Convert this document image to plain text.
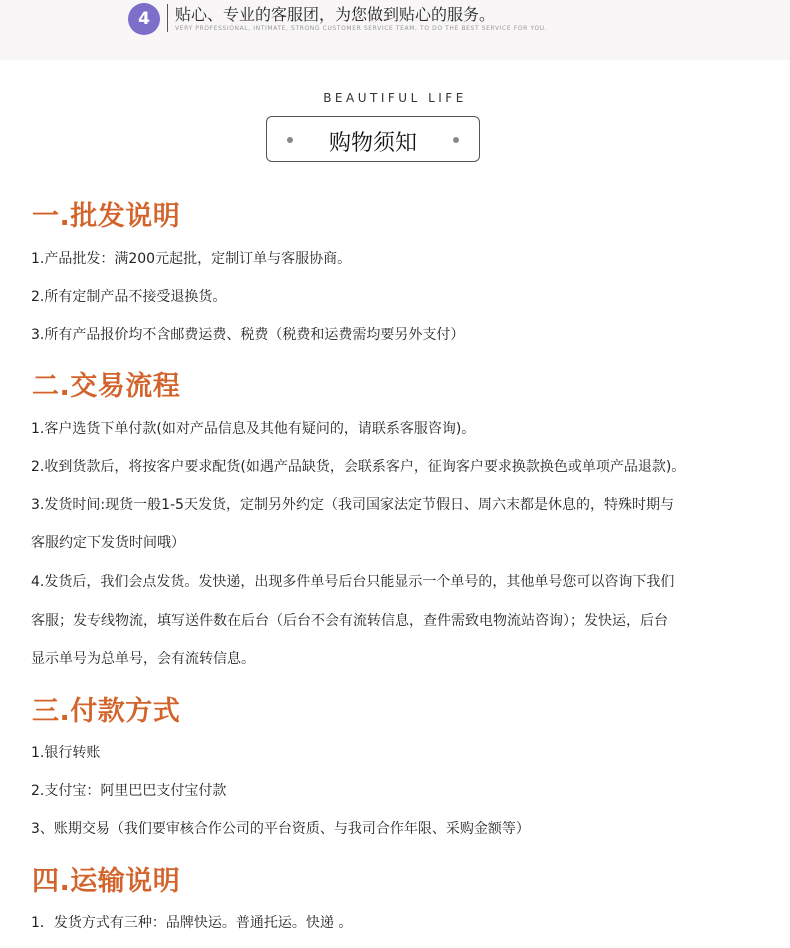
4	贴心、专业的客服团，为您做到贴心的服务。
VERY PROFESSIONAL, INTIMATE, STRONG CUSTOMER SERVICE TEAM, TO DO THE BEST SERVICE FOR YOU.
BEAUTIFUL LIFE
购物须知
一.批发说明
1.产品批发：满200元起批，定制订单与客服协商。
2.所有定制产品不接受退换货。
3.所有产品报价均不含邮费运费、税费（税费和运费需均要另外支付）
二.交易流程
1.客户选货下单付款(如对产品信息及其他有疑问的，请联系客服咨询)。
2.收到货款后，将按客户要求配货(如遇产品缺货，会联系客户，征询客户要求换款换色或单项产品退款)。
3.发货时间:现货一般1-5天发货，定制另外约定（我司国家法定节假日、周六末都是休息的，特殊时期与
客服约定下发货时间哦）
4.发货后，我们会点发货。发快递，出现多件单号后台只能显示一个单号的，其他单号您可以咨询下我们
客服；发专线物流，填写送件数在后台（后台不会有流转信息，查件需致电物流站咨询）；发快运，后台
显示单号为总单号，会有流转信息。
三.付款方式
1.银行转账
2.支付宝：阿里巴巴支付宝付款
3、账期交易（我们要审核合作公司的平台资质、与我司合作年限、采购金额等）
四.运输说明
1．发货方式有三种：品牌快运。普通托运。快递 。
